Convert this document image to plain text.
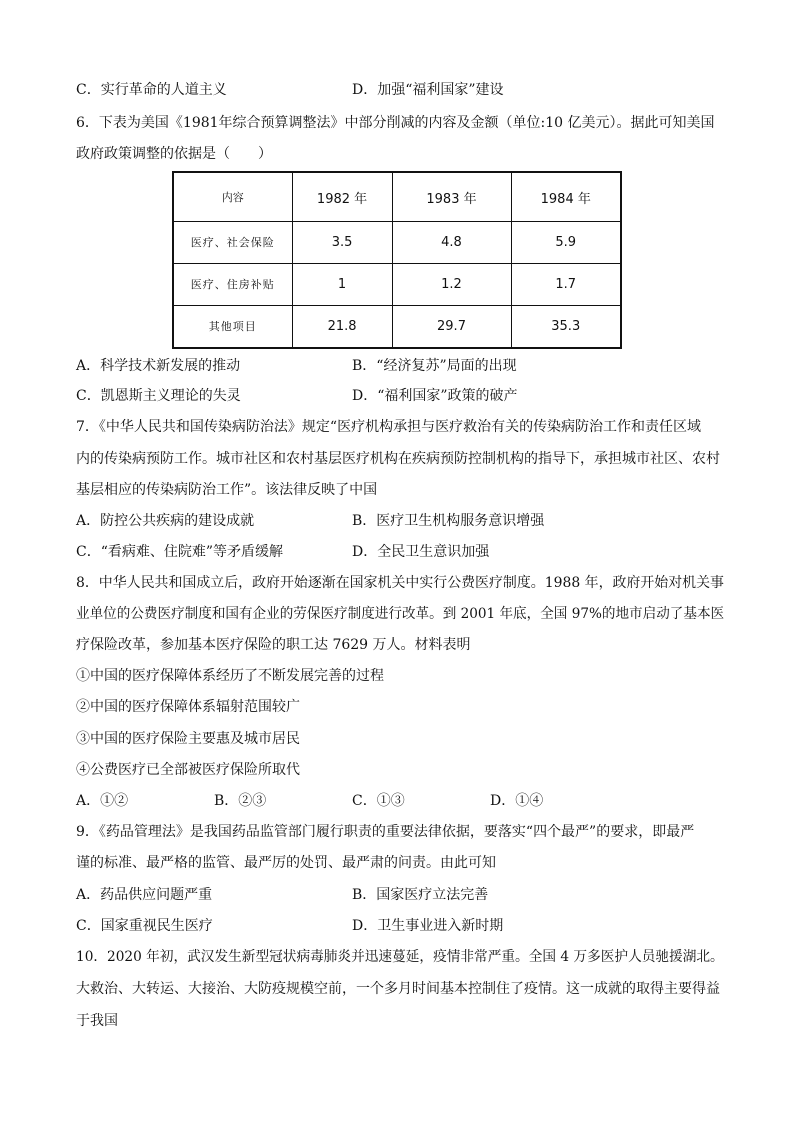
C．实行革命的人道主义	D．加强“福利国家”建设
6．下表为美国《1981年综合预算调整法》中部分削减的内容及金额（单位:10 亿美元）。据此可知美国
政府政策调整的依据是（　　）
内容	1982 年	1983 年	1984 年
医疗、社会保险	3.5	4.8	5.9
医疗、住房补贴	1	1.2	1.7
其他项目	21.8	29.7	35.3
A．科学技术新发展的推动	B．“经济复苏”局面的出现
C．凯恩斯主义理论的失灵	D．“福利国家”政策的破产
7．《中华人民共和国传染病防治法》规定“医疗机构承担与医疗救治有关的传染病防治工作和责任区域
内的传染病预防工作。城市社区和农村基层医疗机构在疾病预防控制机构的指导下，承担城市社区、农村
基层相应的传染病防治工作”。该法律反映了中国
A．防控公共疾病的建设成就	B．医疗卫生机构服务意识增强
C．“看病难、住院难”等矛盾缓解	D．全民卫生意识加强
8．中华人民共和国成立后，政府开始逐渐在国家机关中实行公费医疗制度。1988 年，政府开始对机关事
业单位的公费医疗制度和国有企业的劳保医疗制度进行改革。到 2001 年底，全国 97%的地市启动了基本医
疗保险改革，参加基本医疗保险的职工达 7629 万人。材料表明
①中国的医疗保障体系经历了不断发展完善的过程
②中国的医疗保障体系辐射范围较广
③中国的医疗保险主要惠及城市居民
④公费医疗已全部被医疗保险所取代
A．①②	B．②③	C．①③	D．①④
9．《药品管理法》是我国药品监管部门履行职责的重要法律依据，要落实“四个最严”的要求，即最严
谨的标准、最严格的监管、最严厉的处罚、最严肃的问责。由此可知
A．药品供应问题严重	B．国家医疗立法完善
C．国家重视民生医疗	D．卫生事业进入新时期
10．2020 年初，武汉发生新型冠状病毒肺炎并迅速蔓延，疫情非常严重。全国 4 万多医护人员驰援湖北。
大救治、大转运、大接治、大防疫规模空前，一个多月时间基本控制住了疫情。这一成就的取得主要得益
于我国
